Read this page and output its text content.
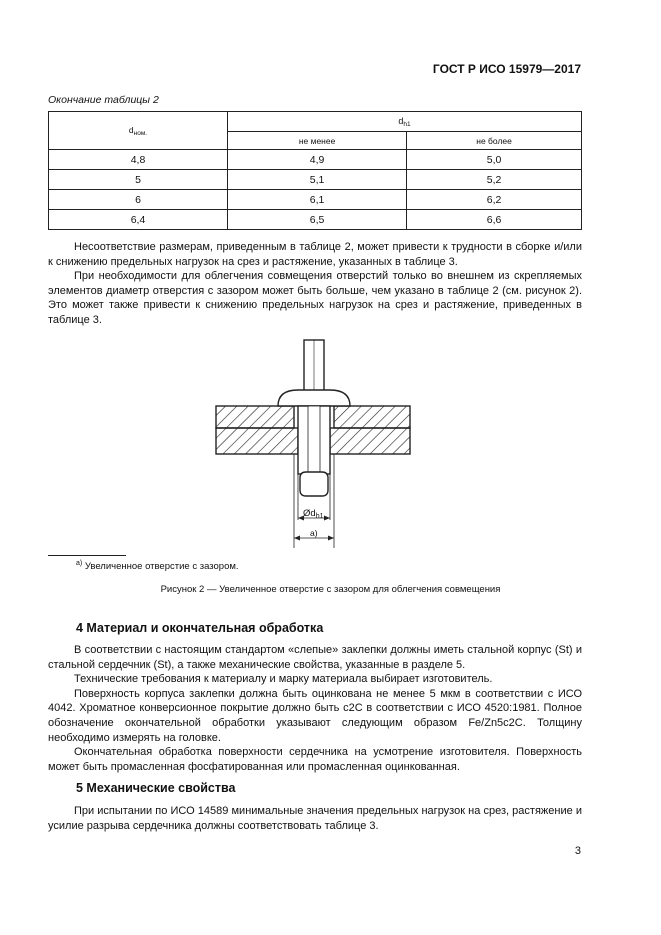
ГОСТ Р ИСО 15979—2017
Окончание таблицы 2
$d_{ном.}$	$d_{h1}$
	не менее	не более
4,8	4,9	5,0
5	5,1	5,2
6	6,1	6,2
6,4	6,5	6,6

Несоответствие размерам, приведенным в таблице 2, может привести к трудности в сборке и/или к снижению предельных нагрузок на срез и растяжение, указанных в таблице 3.

При необходимости для облегчения совмещения отверстий только во внешнем из скрепляемых элементов диаметр отверстия с зазором может быть больше, чем указано в таблице 2 (см. рисунок 2). Это может также привести к снижению предельных нагрузок на срез и растяжение, приведенных в таблице 3.

$Ød_{h1}$
a)
$^{a)}$ Увеличенное отверстие с зазором.
Рисунок 2 — Увеличенное отверстие с зазором для облегчения совмещения
4 Материал и окончательная обработка

В соответствии с настоящим стандартом «слепые» заклепки должны иметь стальной корпус (St) и стальной сердечник (St), а также механические свойства, указанные в разделе 5.

Технические требования к материалу и марку материала выбирает изготовитель.

Поверхность корпуса заклепки должна быть оцинкована не менее 5 мкм в соответствии с ИСО 4042. Хроматное конверсионное покрытие должно быть с2С в соответствии с ИСО 4520:1981. Полное обозначение окончательной обработки указывают следующим образом Fe/Zn5c2C. Толщину необходимо измерять на головке.

Окончательная обработка поверхности сердечника на усмотрение изготовителя. Поверхность может быть промасленная фосфатированная или промасленная оцинкованная.

5 Механические свойства

При испытании по ИСО 14589 минимальные значения предельных нагрузок на срез, растяжение и усилие разрыва сердечника должны соответствовать таблице 3.

3
